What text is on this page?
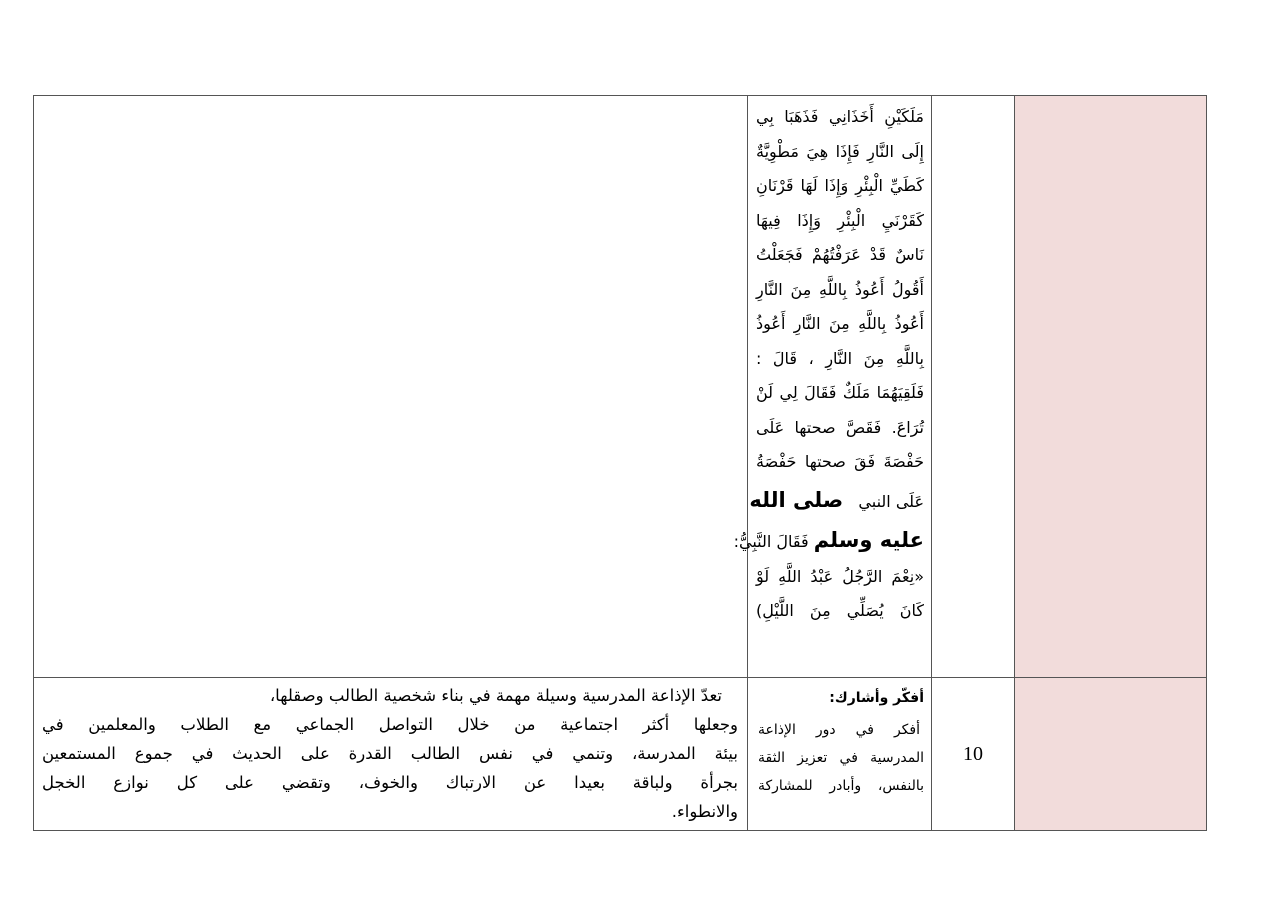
مَلَكَيْنِ أَخَذَانِي فَذَهَبَا بِي
إِلَى النَّارِ فَإِذَا هِيَ مَطْوِيَّةٌ
كَطَيِّ الْبِئْرِ وَإِذَا لَهَا قَرْنَانِ
كَقَرْنَيِ الْبِئْرِ وَإِذَا فِيهَا
نَاسٌ قَدْ عَرَفْتُهُمْ فَجَعَلْتُ
أَقُولُ أَعُوذُ بِاللَّهِ مِنَ النَّارِ
أَعُوذُ بِاللَّهِ مِنَ النَّارِ أَعُوذُ
بِاللَّهِ مِنَ النَّارِ ، قَالَ :
فَلَقِيَهُمَا مَلَكٌ فَقَالَ لِي لَنْ
تُرَاعَ. فَقَصَّ صحتها عَلَى
حَفْصَةَ فَقَ صحتها حَفْصَةُ
عَلَى النبي   صلى الله
عليه وسلم فَقَالَ النَّبِيُّ:
«نِعْمَ الرَّجُلُ عَبْدُ اللَّهِ لَوْ
كَانَ يُصَلِّي مِنَ اللَّيْلِ)
10
أفكّر وأشارك:
أفكر في دور الإذاعة
المدرسية في تعزيز الثقة
بالنفس، وأبادر للمشاركة
تعدّ الإذاعة المدرسية وسيلة مهمة في بناء شخصية الطالب وصقلها،
وجعلها أكثر اجتماعية من خلال التواصل الجماعي مع الطلاب والمعلمين في
بيئة المدرسة، وتنمي في نفس الطالب القدرة على الحديث في جموع المستمعين
بجرأة ولباقة بعيدا عن الارتباك والخوف، وتقضي على كل نوازع الخجل
والانطواء.
